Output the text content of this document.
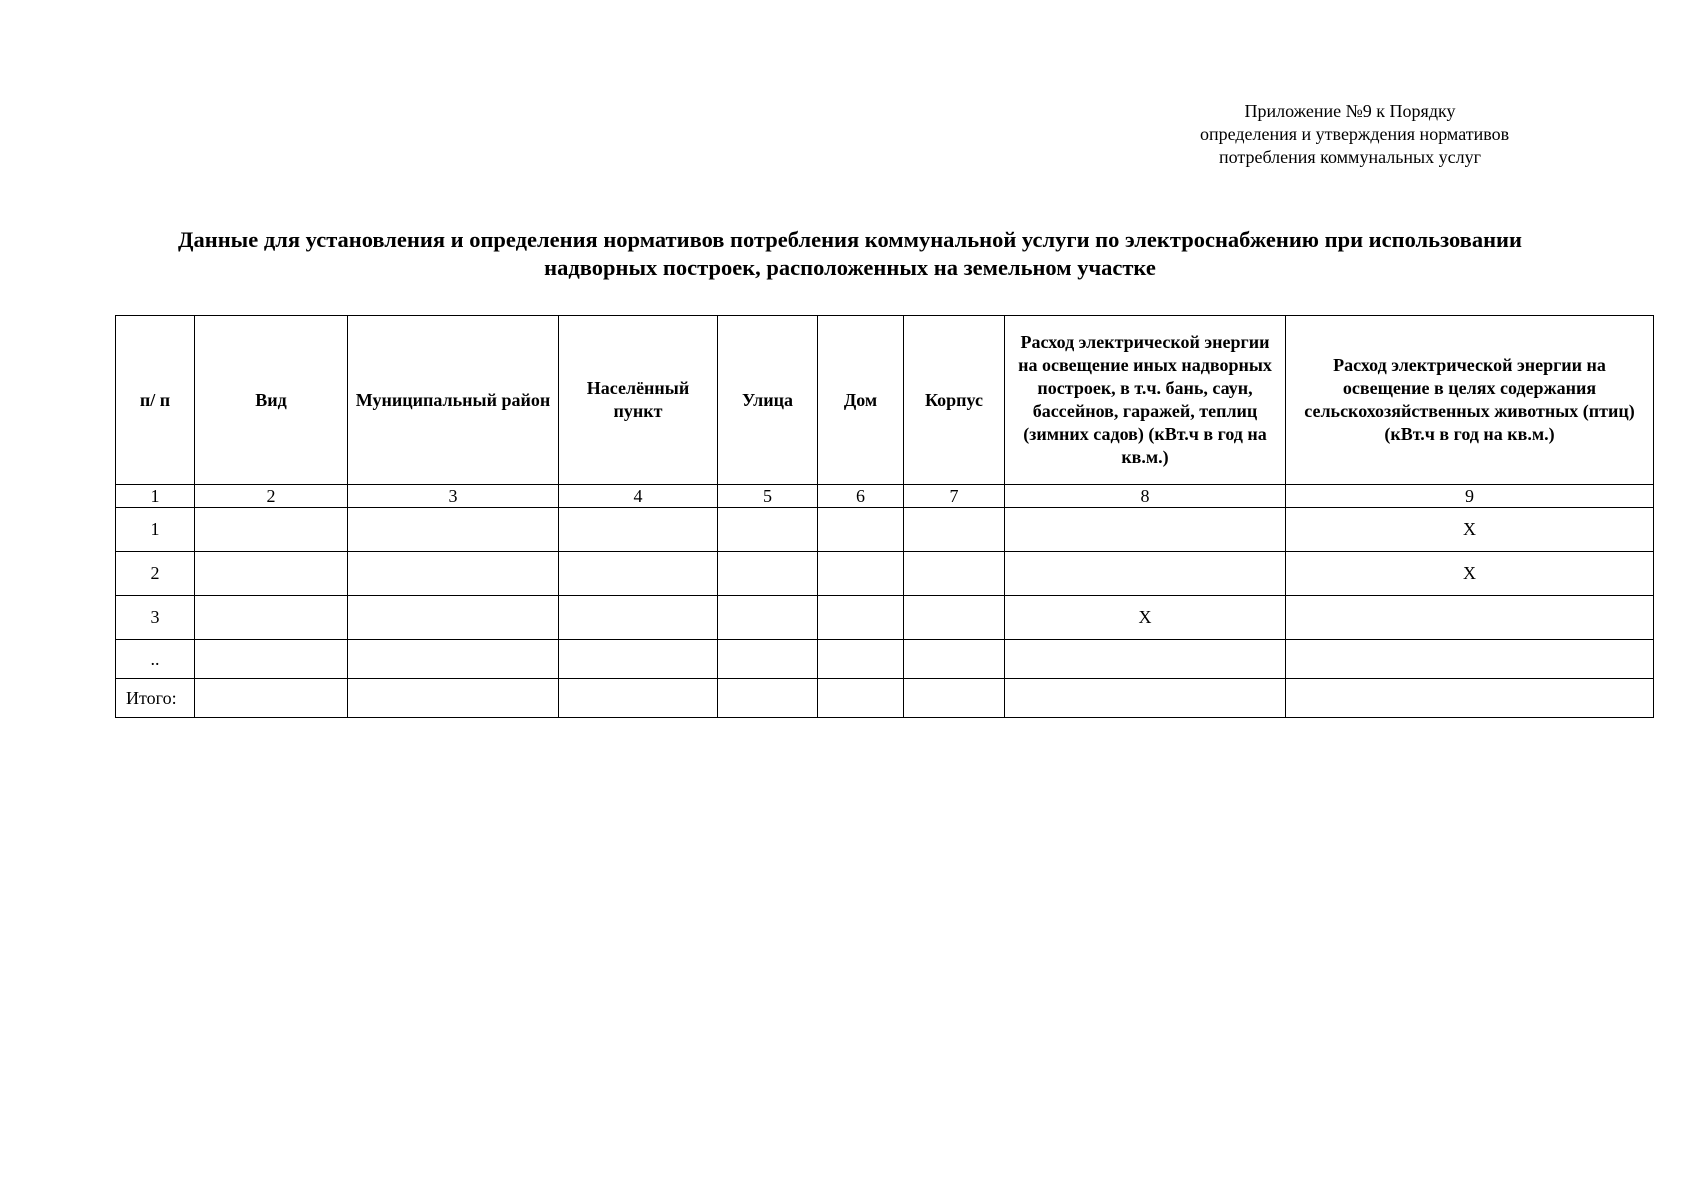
Приложение №9 к Порядку
определения и утверждения нормативов
потребления коммунальных услуг
Данные для установления и определения нормативов потребления коммунальной услуги по электроснабжению при использовании
надворных построек, расположенных на земельном участке
п/ п	Вид	Муниципальный район	Населённый пункт	Улица	Дом	Корпус	Расход электрической энергии на освещение иных надворных построек, в т.ч. бань, саун, бассейнов, гаражей, теплиц (зимних садов) (кВт.ч в год на кв.м.)	Расход электрической энергии на освещение в целях содержания сельскохозяйственных животных (птиц) (кВт.ч в год на кв.м.)
1	2	3	4	5	6	7	8	9
1								X
2								X
3							X	
..								
Итого:								
